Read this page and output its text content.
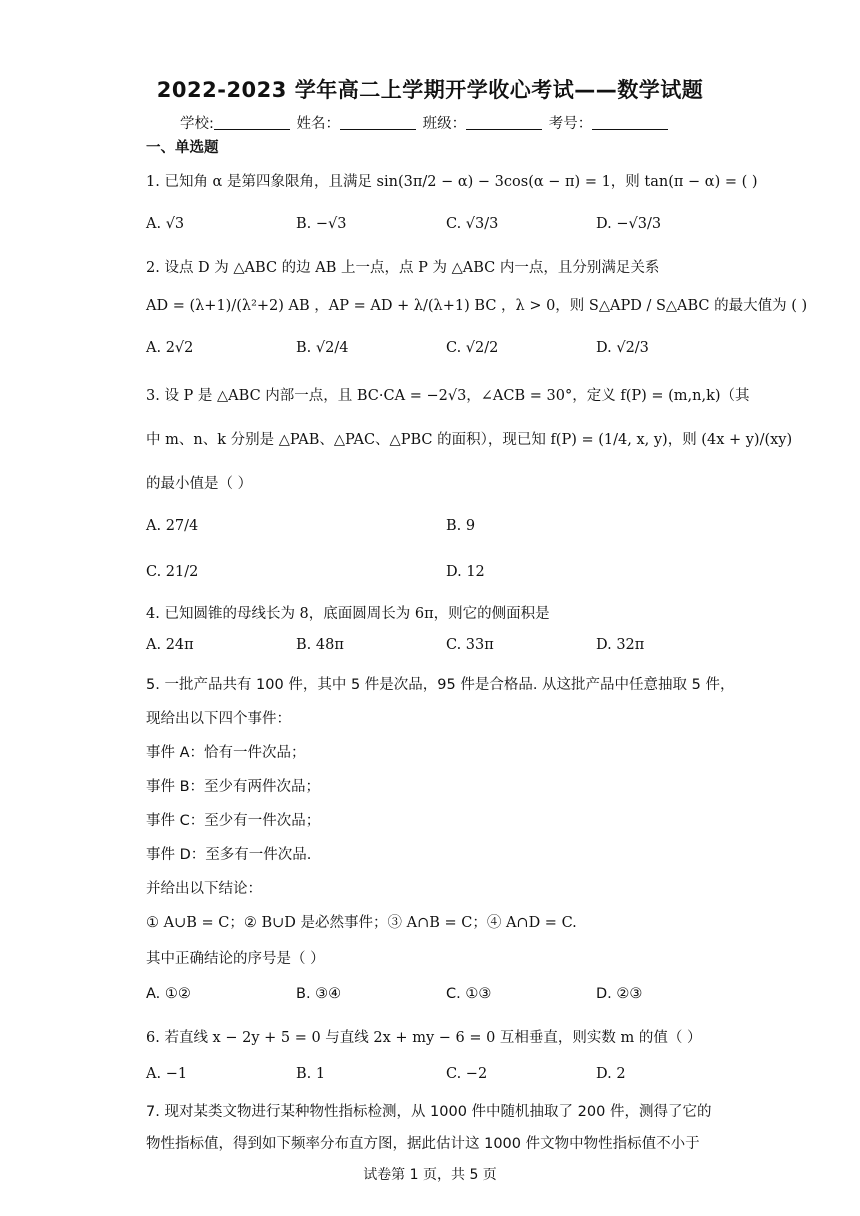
2022-2023 学年高二上学期开学收心考试——数学试题
学校:	姓名：	班级：	考号：
一、单选题
1. 已知角 α 是第四象限角，且满足 sin(3π/2 − α) − 3cos(α − π) = 1，则 tan(π − α) = ( )
A. √3	B. −√3	C. √3/3	D. −√3/3
2. 设点 D 为 △ABC 的边 AB 上一点，点 P 为 △ABC 内一点，且分别满足关系
AD = (λ+1)/(λ²+2) AB ，AP = AD + λ/(λ+1) BC ，λ > 0，则 S△APD / S△ABC 的最大值为 ( )
A. 2√2	B. √2/4	C. √2/2	D. √2/3
3. 设 P 是 △ABC 内部一点，且 BC·CA = −2√3，∠ACB = 30°，定义 f(P) = (m,n,k)（其
中 m、n、k 分别是 △PAB、△PAC、△PBC 的面积），现已知 f(P) = (1/4, x, y)，则 (4x + y)/(xy)
的最小值是（ ）
A. 27/4	B. 9
C. 21/2	D. 12
4. 已知圆锥的母线长为 8，底面圆周长为 6π，则它的侧面积是
A. 24π	B. 48π	C. 33π	D. 32π
5. 一批产品共有 100 件，其中 5 件是次品，95 件是合格品. 从这批产品中任意抽取 5 件，
现给出以下四个事件：
事件 A：恰有一件次品；
事件 B：至少有两件次品；
事件 C：至少有一件次品；
事件 D：至多有一件次品.
并给出以下结论：
① A∪B = C；② B∪D 是必然事件；③ A∩B = C；④ A∩D = C.
其中正确结论的序号是（ ）
A. ①②	B. ③④	C. ①③	D. ②③
6. 若直线 x − 2y + 5 = 0 与直线 2x + my − 6 = 0 互相垂直，则实数 m 的值（ ）
A. −1	B. 1	C. −2	D. 2
7. 现对某类文物进行某种物性指标检测，从 1000 件中随机抽取了 200 件，测得了它的
物性指标值，得到如下频率分布直方图，据此估计这 1000 件文物中物性指标值不小于
试卷第 1 页，共 5 页
